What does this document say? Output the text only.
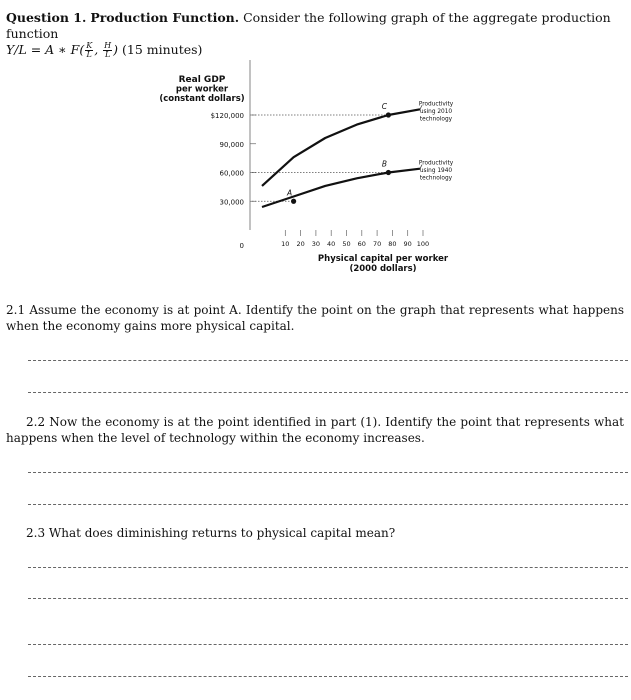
Question 1. Production Function. Consider the following graph of the aggregate production function
Y/L = A ∗ $F( \frac{K}{L}$ , $\frac{H}{L}$ ) (15 minutes)
Real GDP
per worker
(constant dollars)
$120,000
90,000
60,000
30,000
0	10 20 30 40 50 60 70 80 90 100
A
B
C	Productivity
using 2010
technology
Productivity
using 1940
technology
Physical capital per worker
(2000 dollars)
2.1 Assume the economy is at point A. Identify the point on the graph that represents what happens when the economy gains more physical capital.
2.2 Now the economy is at the point identified in part (1). Identify the point that represents what happens when the level of technology within the economy increases.
2.3 What does diminishing returns to physical capital mean?
